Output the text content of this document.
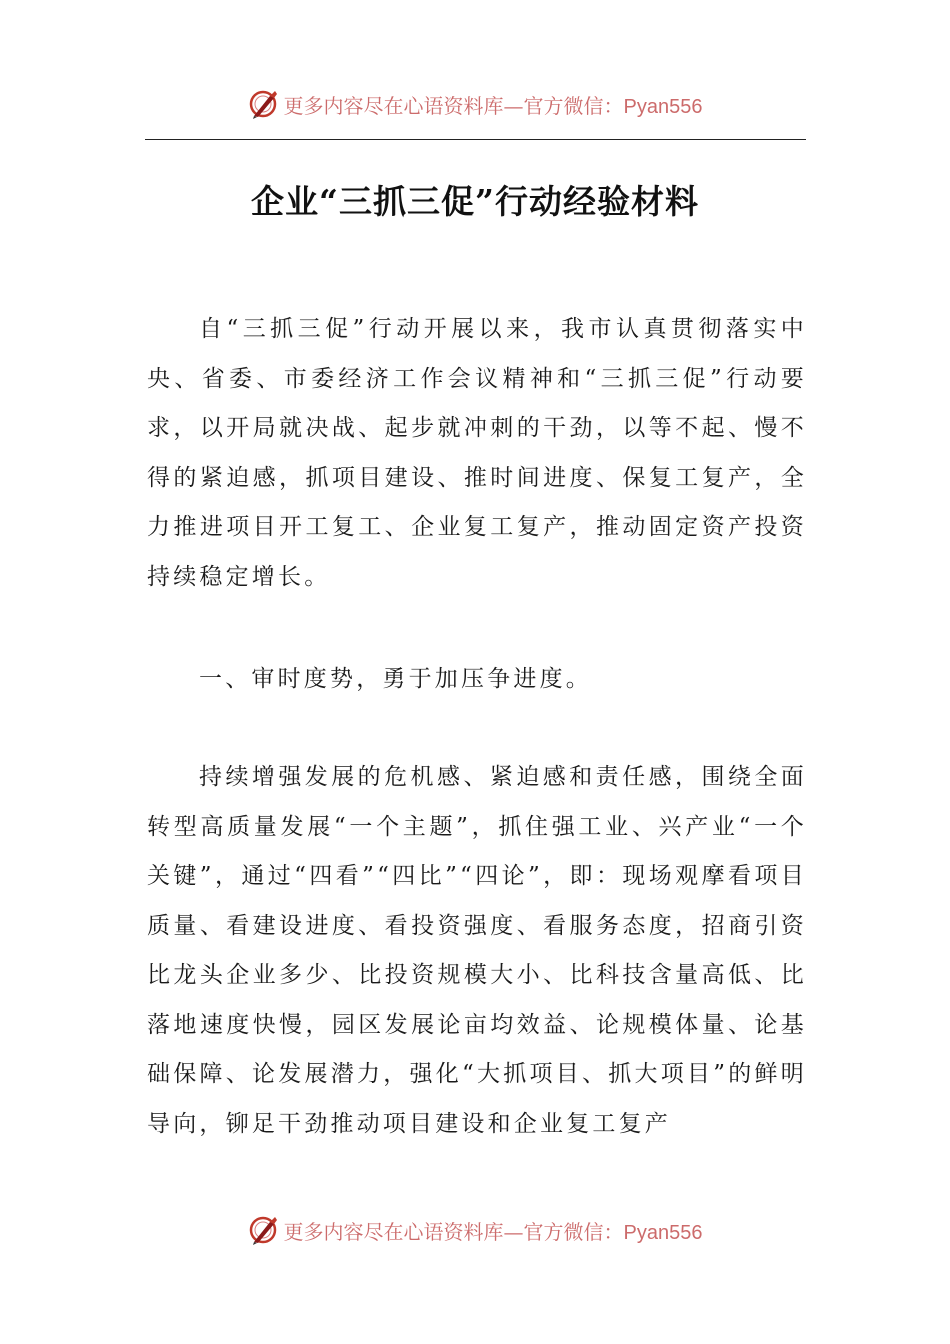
更多内容尽在心语资料库—官方微信：Pyan556
企业“三抓三促”行动经验材料

自“三抓三促”行动开展以来，我市认真贯彻落实中央、省委、市委经济工作会议精神和“三抓三促”行动要求，以开局就决战、起步就冲刺的干劲，以等不起、慢不得的紧迫感，抓项目建设、推时间进度、保复工复产，全力推进项目开工复工、企业复工复产，推动固定资产投资持续稳定增长。

一、审时度势，勇于加压争进度。

持续增强发展的危机感、紧迫感和责任感，围绕全面转型高质量发展“一个主题”，抓住强工业、兴产业“一个关键”，通过“四看”“四比”“四论”，即：现场观摩看项目质量、看建设进度、看投资强度、看服务态度，招商引资比龙头企业多少、比投资规模大小、比科技含量高低、比落地速度快慢，园区发展论亩均效益、论规模体量、论基础保障、论发展潜力，强化“大抓项目、抓大项目”的鲜明导向，铆足干劲推动项目建设和企业复工复产

更多内容尽在心语资料库—官方微信：Pyan556
